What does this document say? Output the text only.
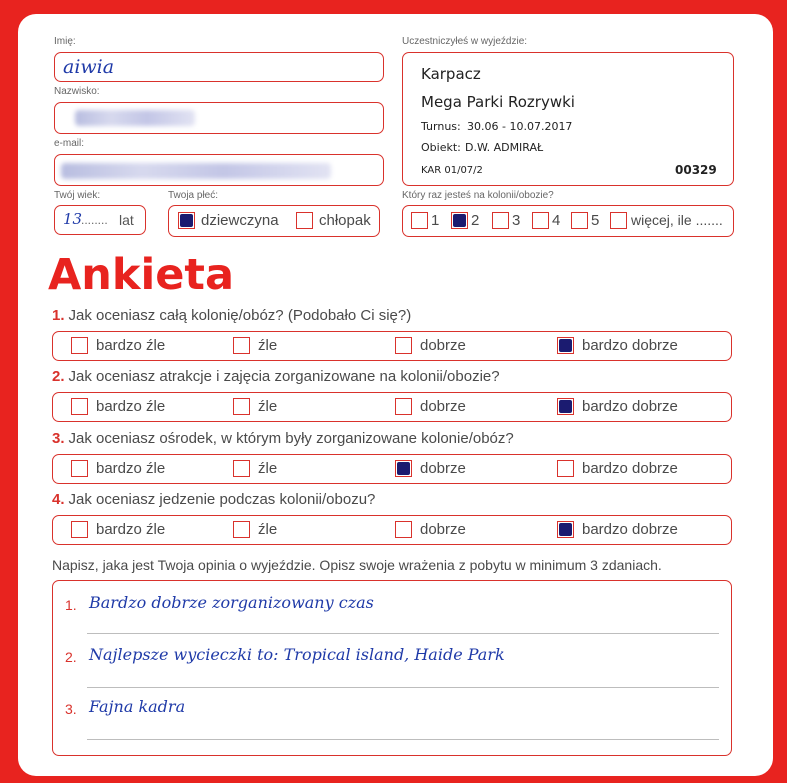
Imię:
aiwia
Nazwisko:
e-mail:
Twój wiek:
13
........ lat
Twoja płeć:
dziewczyna	chłopak
Uczestniczyłeś w wyjeździe:
Karpacz
Mega Parki Rozrywki
Turnus: 30.06 - 10.07.2017
Obiekt: D.W. ADMIRAŁ
KAR 01/07/2	00329
Który raz jesteś na kolonii/obozie?
1 2 3 4 5 więcej, ile .......
Ankieta
1. Jak oceniasz całą kolonię/obóz? (Podobało Ci się?)
bardzo źle	źle	dobrze	bardzo dobrze
2. Jak oceniasz atrakcje i zajęcia zorganizowane na kolonii/obozie?
bardzo źle	źle	dobrze	bardzo dobrze
3. Jak oceniasz ośrodek, w którym były zorganizowane kolonie/obóz?
bardzo źle	źle	dobrze	bardzo dobrze
4. Jak oceniasz jedzenie podczas kolonii/obozu?
bardzo źle	źle	dobrze	bardzo dobrze
Napisz, jaka jest Twoja opinia o wyjeździe. Opisz swoje wrażenia z pobytu w minimum 3 zdaniach.
1. Bardzo dobrze zorganizowany czas
2. Najlepsze wycieczki to: Tropical island, Haide Park
3. Fajna kadra
